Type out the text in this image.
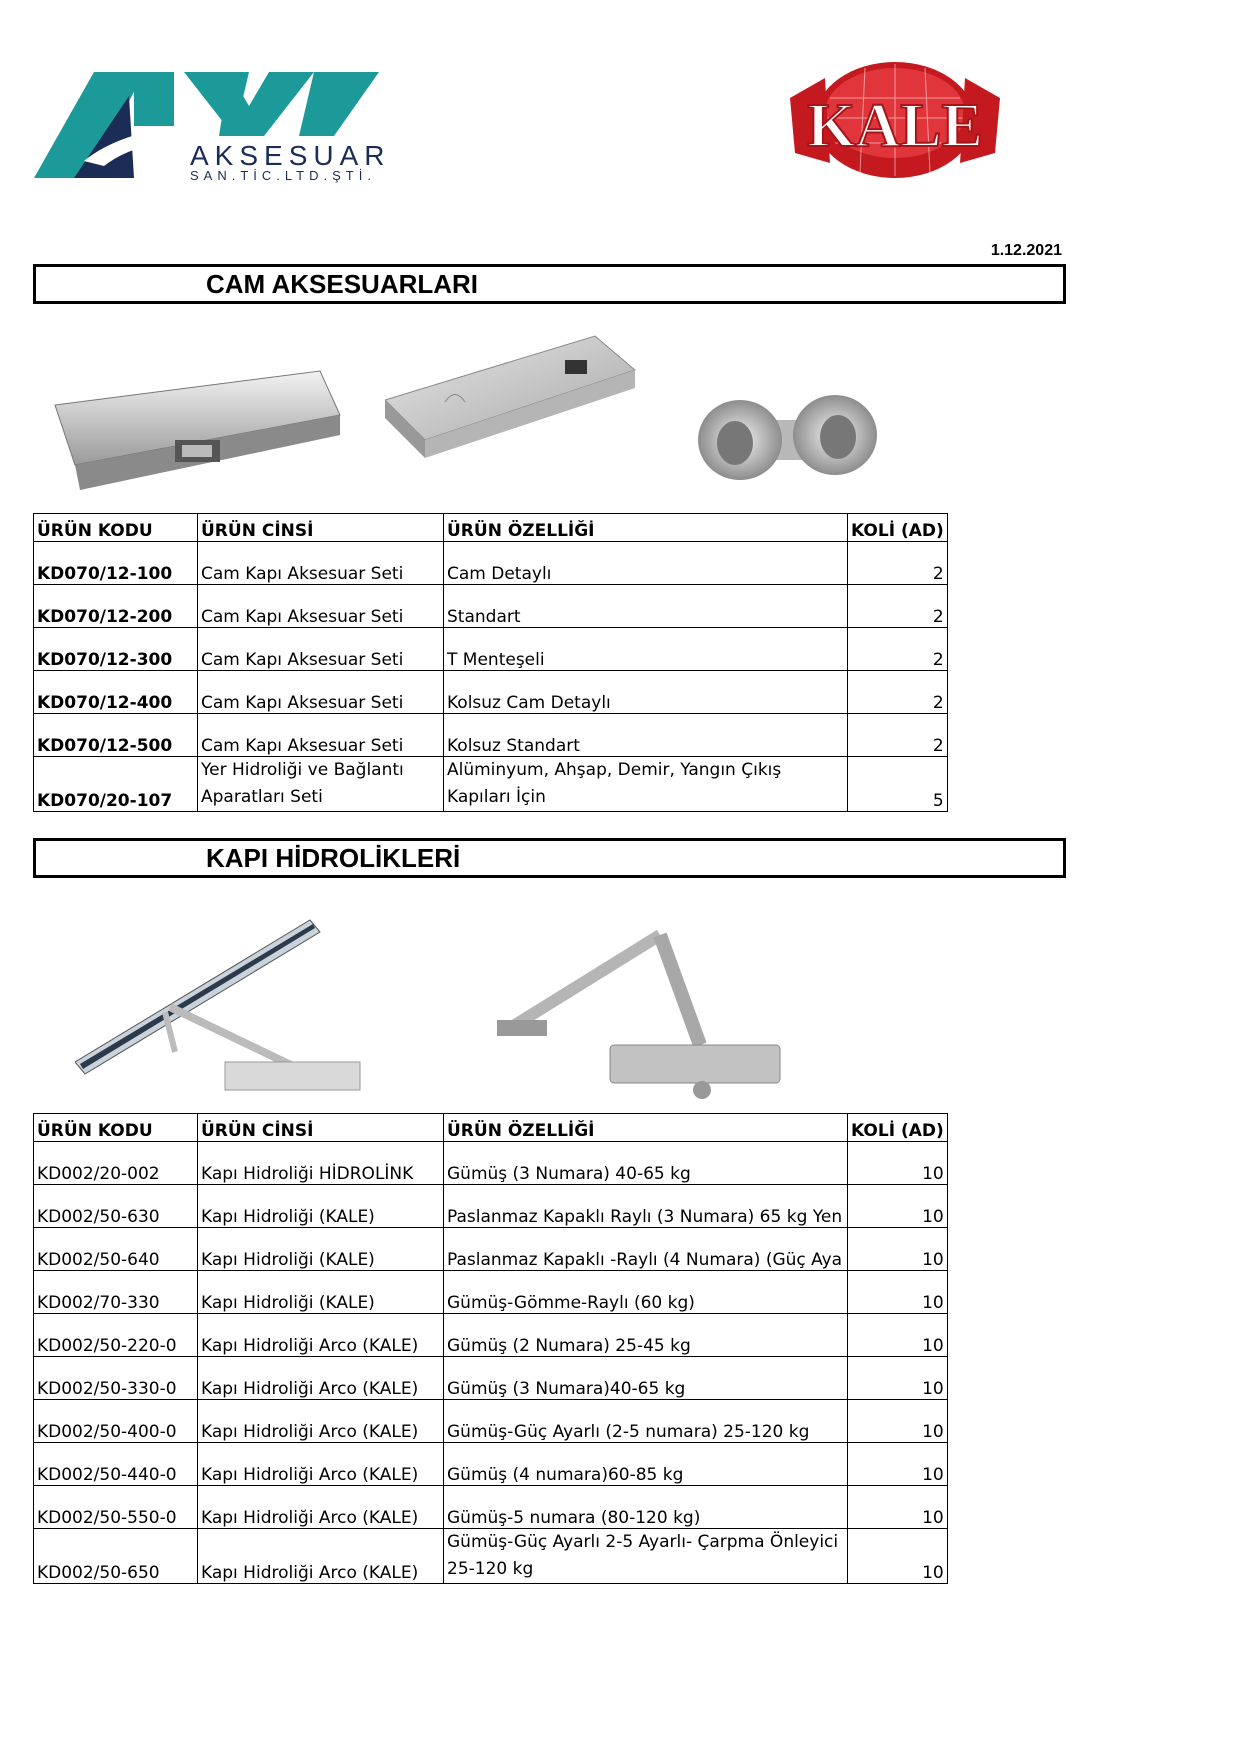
AKSESUAR
SAN.TİC.LTD.ŞTİ.
KALE
1.12.2021
CAM AKSESUARLARI
ÜRÜN KODU	ÜRÜN CİNSİ	ÜRÜN ÖZELLİĞİ	KOLİ (AD)
KD070/12-100	Cam Kapı Aksesuar Seti	Cam Detaylı	2
KD070/12-200	Cam Kapı Aksesuar Seti	Standart	2
KD070/12-300	Cam Kapı Aksesuar Seti	T Menteşeli	2
KD070/12-400	Cam Kapı Aksesuar Seti	Kolsuz Cam Detaylı	2
KD070/12-500	Cam Kapı Aksesuar Seti	Kolsuz Standart	2
KD070/20-107	Yer Hidroliği ve Bağlantı Aparatları Seti	Alüminyum, Ahşap, Demir, Yangın Çıkış Kapıları İçin	5
KAPI HİDROLİKLERİ
ÜRÜN KODU	ÜRÜN CİNSİ	ÜRÜN ÖZELLİĞİ	KOLİ (AD)
KD002/20-002	Kapı Hidroliği HİDROLİNK	Gümüş (3 Numara) 40-65 kg	10
KD002/50-630	Kapı Hidroliği (KALE)	Paslanmaz Kapaklı Raylı (3 Numara) 65 kg Yen	10
KD002/50-640	Kapı Hidroliği (KALE)	Paslanmaz Kapaklı -Raylı (4 Numara) (Güç Aya	10
KD002/70-330	Kapı Hidroliği (KALE)	Gümüş-Gömme-Raylı (60 kg)	10
KD002/50-220-0	Kapı Hidroliği Arco (KALE)	Gümüş (2 Numara) 25-45 kg	10
KD002/50-330-0	Kapı Hidroliği Arco (KALE)	Gümüş (3 Numara)40-65 kg	10
KD002/50-400-0	Kapı Hidroliği Arco (KALE)	Gümüş-Güç Ayarlı (2-5 numara) 25-120 kg	10
KD002/50-440-0	Kapı Hidroliği Arco (KALE)	Gümüş (4 numara)60-85 kg	10
KD002/50-550-0	Kapı Hidroliği Arco (KALE)	Gümüş-5 numara (80-120 kg)	10
KD002/50-650	Kapı Hidroliği Arco (KALE)	Gümüş-Güç Ayarlı 2-5 Ayarlı- Çarpma Önleyici 25-120 kg	10
